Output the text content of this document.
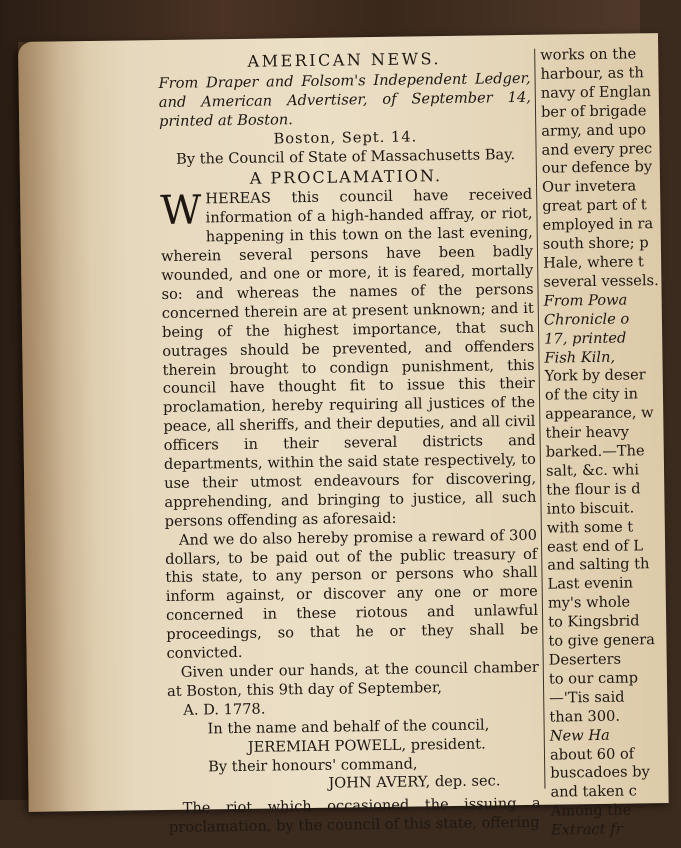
AMERICAN NEWS.
From Draper and Folsom's Independent Ledger, and American Advertiser, of September 14, printed at Boston.
Boston, Sept. 14.
By the Council of State of Massachusetts Bay.
A PROCLAMATION.
WHEREAS this council have received information of a high-handed affray, or riot, happening in this town on the last evening, wherein several persons have been badly wounded, and one or more, it is feared, mortally so: and whereas the names of the persons concerned therein are at present unknown; and it being of the highest importance, that such outrages should be prevented, and offenders therein brought to condign punishment, this council have thought fit to issue this their proclamation, hereby requiring all justices of the peace, all sheriffs, and their deputies, and all civil officers in their several districts and departments, within the said state respectively, to use their utmost endeavours for discovering, apprehending, and bringing to justice, all such persons offending as aforesaid:
And we do also hereby promise a reward of 300 dollars, to be paid out of the public treasury of this state, to any person or persons who shall inform against, or discover any one or more concerned in these riotous and unlawful proceedings, so that he or they shall be convicted.
Given under our hands, at the council chamber at Boston, this 9th day of September,
A. D. 1778.
In the name and behalf of the council,
JEREMIAH POWELL, president.
By their honours' command,
JOHN AVERY, dep. sec.
The riot which occasioned the issuing a proclamation, by the council of this state, offering
works on the
harbour, as th
navy of Englan
ber of brigade
army, and upo
and every prec
our defence by
Our invetera
great part of t
employed in ra
south shore; p
Hale, where t
several vessels.
From Powa
Chronicle o
17, printed
Fish Kiln,
York by deser
of the city in
appearance, w
their heavy
barked.—The
salt, &c. whi
the flour is d
into biscuit.
with some t
east end of L
and salting th
Last evenin
my's whole
to Kingsbrid
to give genera
Deserters
to our camp
—'Tis said
than 300.
New Ha
about 60 of
buscadoes by
and taken c
Among the
Extract fr
